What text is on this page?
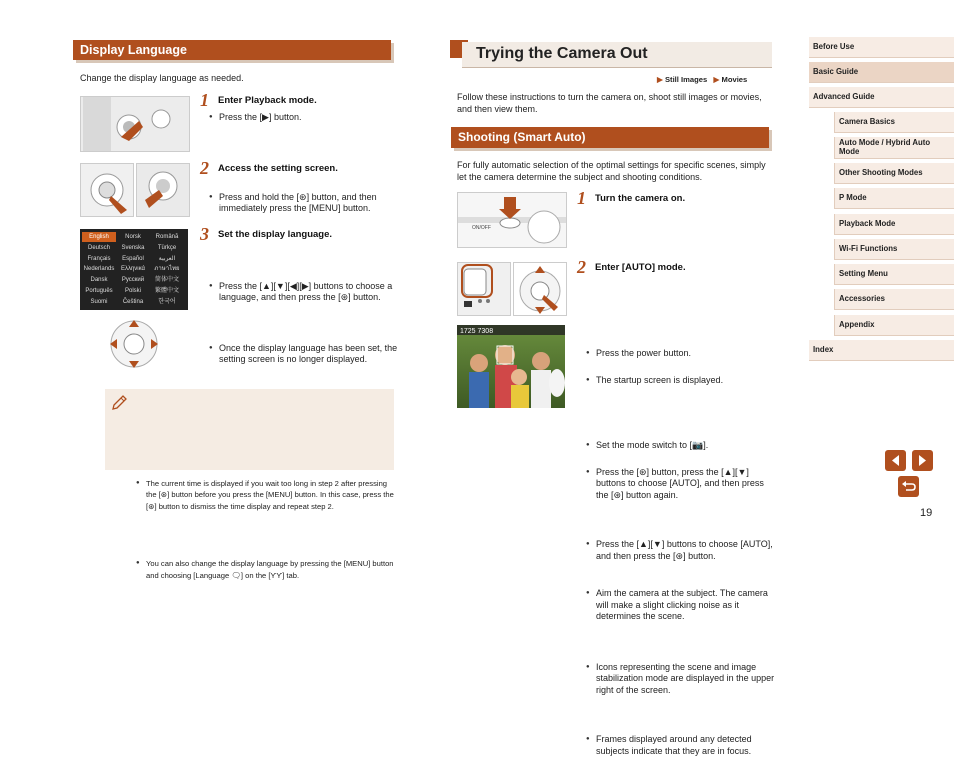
Display Language
Change the display language as needed.
1 Enter Playback mode.
● Press the [▶] button.
2 Access the setting screen.
● Press and hold the [⊛] button, and then immediately press the [MENU] button.
English	Norsk	Română
Deutsch	Svenska	Türkçe
Français	Español	العربية
Nederlands	Ελληνικά	ภาษาไทย
Dansk	Русский	简体中文
Português	Polski	繁體中文
Suomi	Čeština	한국어
3 Set the display language.
● Press the [▲][▼][◀][▶] buttons to choose a language, and then press the [⊛] button.
● Once the display language has been set, the setting screen is no longer displayed.
● The current time is displayed if you wait too long in step 2 after pressing the [⊛] button before you press the [MENU] button. In this case, press the [⊛] button to dismiss the time display and repeat step 2.
● You can also change the display language by pressing the [MENU] button and choosing [Language 🗨] on the [ƳƳ] tab.
Trying the Camera Out
▶ Still Images ▶ Movies
Follow these instructions to turn the camera on, shoot still images or movies, and then view them.
Shooting (Smart Auto)
For fully automatic selection of the optimal settings for specific scenes, simply let the camera determine the subject and shooting conditions.
ON/OFF
1 Turn the camera on.
● Press the power button.
● The startup screen is displayed.
1725 7308
2 Enter [AUTO] mode.
● Set the mode switch to [📷].
● Press the [⊛] button, press the [▲][▼] buttons to choose [AUTO], and then press the [⊛] button again.
● Press the [▲][▼] buttons to choose [AUTO], and then press the [⊛] button.
● Aim the camera at the subject. The camera will make a slight clicking noise as it determines the scene.
● Icons representing the scene and image stabilization mode are displayed in the upper right of the screen.
● Frames displayed around any detected subjects indicate that they are in focus.
Before Use
Basic Guide
Advanced Guide
Camera Basics
Auto Mode / Hybrid Auto Mode
Other Shooting Modes
P Mode
Playback Mode
Wi-Fi Functions
Setting Menu
Accessories
Appendix
Index
19
